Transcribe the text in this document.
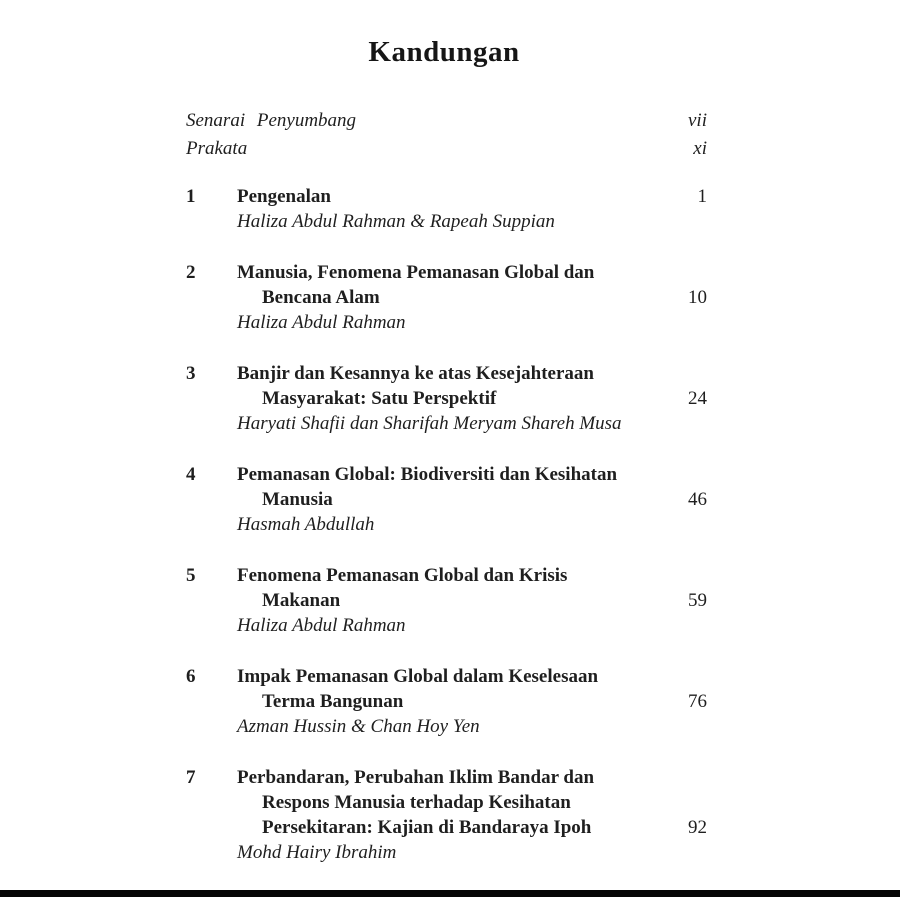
Kandungan
Senarai Penyumbang	vii
Prakata	xi
1	Pengenalan	1
Haliza Abdul Rahman & Rapeah Suppian
2	Manusia, Fenomena Pemanasan Global dan
Bencana Alam	10
Haliza Abdul Rahman
3	Banjir dan Kesannya ke atas Kesejahteraan
Masyarakat: Satu Perspektif	24
Haryati Shafii dan Sharifah Meryam Shareh Musa
4	Pemanasan Global: Biodiversiti dan Kesihatan
Manusia	46
Hasmah Abdullah
5	Fenomena Pemanasan Global dan Krisis
Makanan	59
Haliza Abdul Rahman
6	Impak Pemanasan Global dalam Keselesaan
Terma Bangunan	76
Azman Hussin & Chan Hoy Yen
7	Perbandaran, Perubahan Iklim Bandar dan
Respons Manusia terhadap Kesihatan
Persekitaran: Kajian di Bandaraya Ipoh	92
Mohd Hairy Ibrahim
